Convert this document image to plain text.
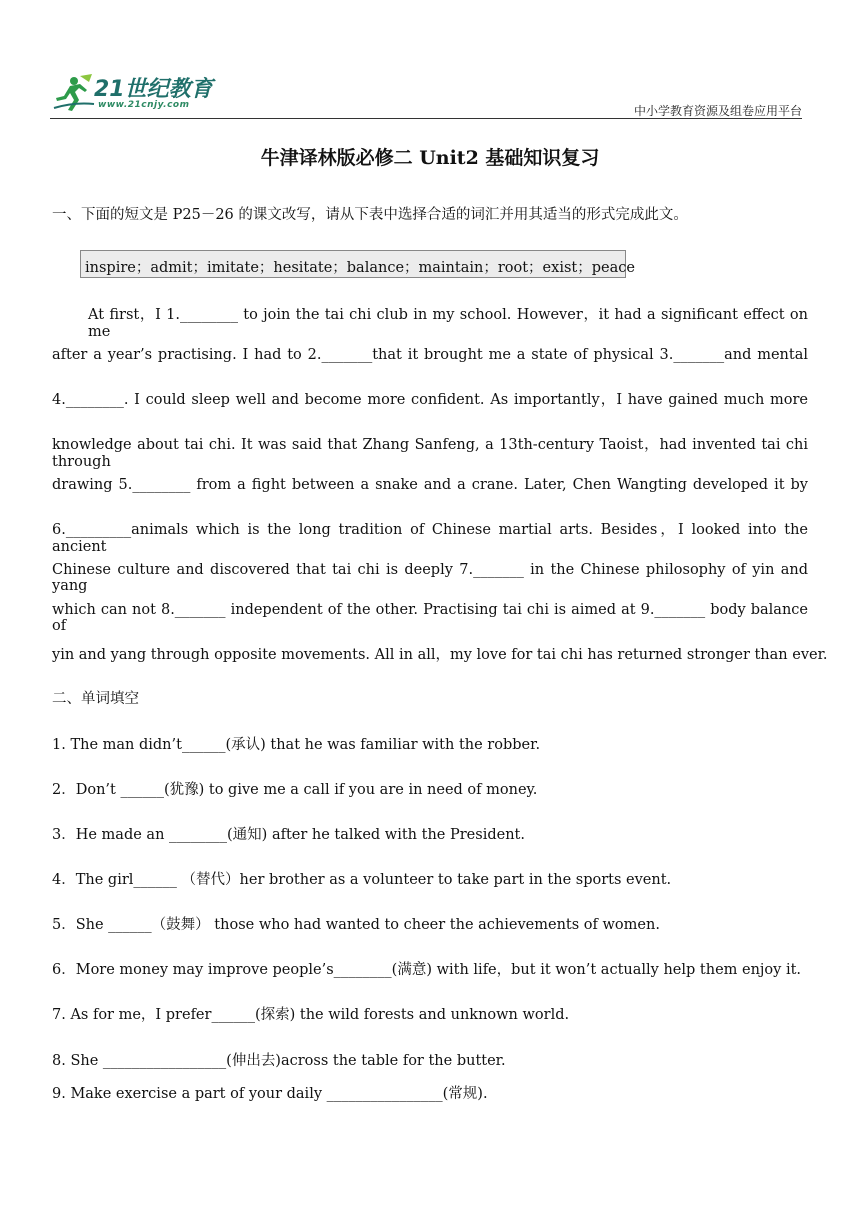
21世纪教育
www.21cnjy.com	中小学教育资源及组卷应用平台
牛津译林版必修二 Unit2 基础知识复习
一、下面的短文是 P25－26 的课文改写，请从下表中选择合适的词汇并用其适当的形式完成此文。
inspire；admit；imitate；hesitate；balance；maintain；root；exist；peace
At first，I 1.________ to join the tai chi club in my school. However，it had a significant effect on me
after a year’s practising. I had to 2._______that it brought me a state of physical 3._______and mental
4.________. I could sleep well and become more confident. As importantly，I have gained much more
knowledge about tai chi. It was said that Zhang Sanfeng, a 13th-century Taoist，had invented tai chi through
drawing 5.________ from a fight between a snake and a crane. Later, Chen Wangting developed it by
6._________animals which is the long tradition of Chinese martial arts. Besides，I looked into the ancient
Chinese culture and discovered that tai chi is deeply 7._______ in the Chinese philosophy of yin and yang
which can not 8._______ independent of the other. Practising tai chi is aimed at 9._______ body balance of
yin and yang through opposite movements. All in all，my love for tai chi has returned stronger than ever.
二、单词填空
1. The man didn’t______(承认) that he was familiar with the robber.
2．Don’t ______(犹豫) to give me a call if you are in need of money.
3．He made an ________(通知) after he talked with the President.
4．The girl______ （替代）her brother as a volunteer to take part in the sports event.
5．She ______（鼓舞） those who had wanted to cheer the achievements of women.
6．More money may improve people’s________(满意) with life，but it won’t actually help them enjoy it.
7. As for me，I prefer______(探索) the wild forests and unknown world.
8. She _________________(伸出去)across the table for the butter.
9. Make exercise a part of your daily ________________(常规).
